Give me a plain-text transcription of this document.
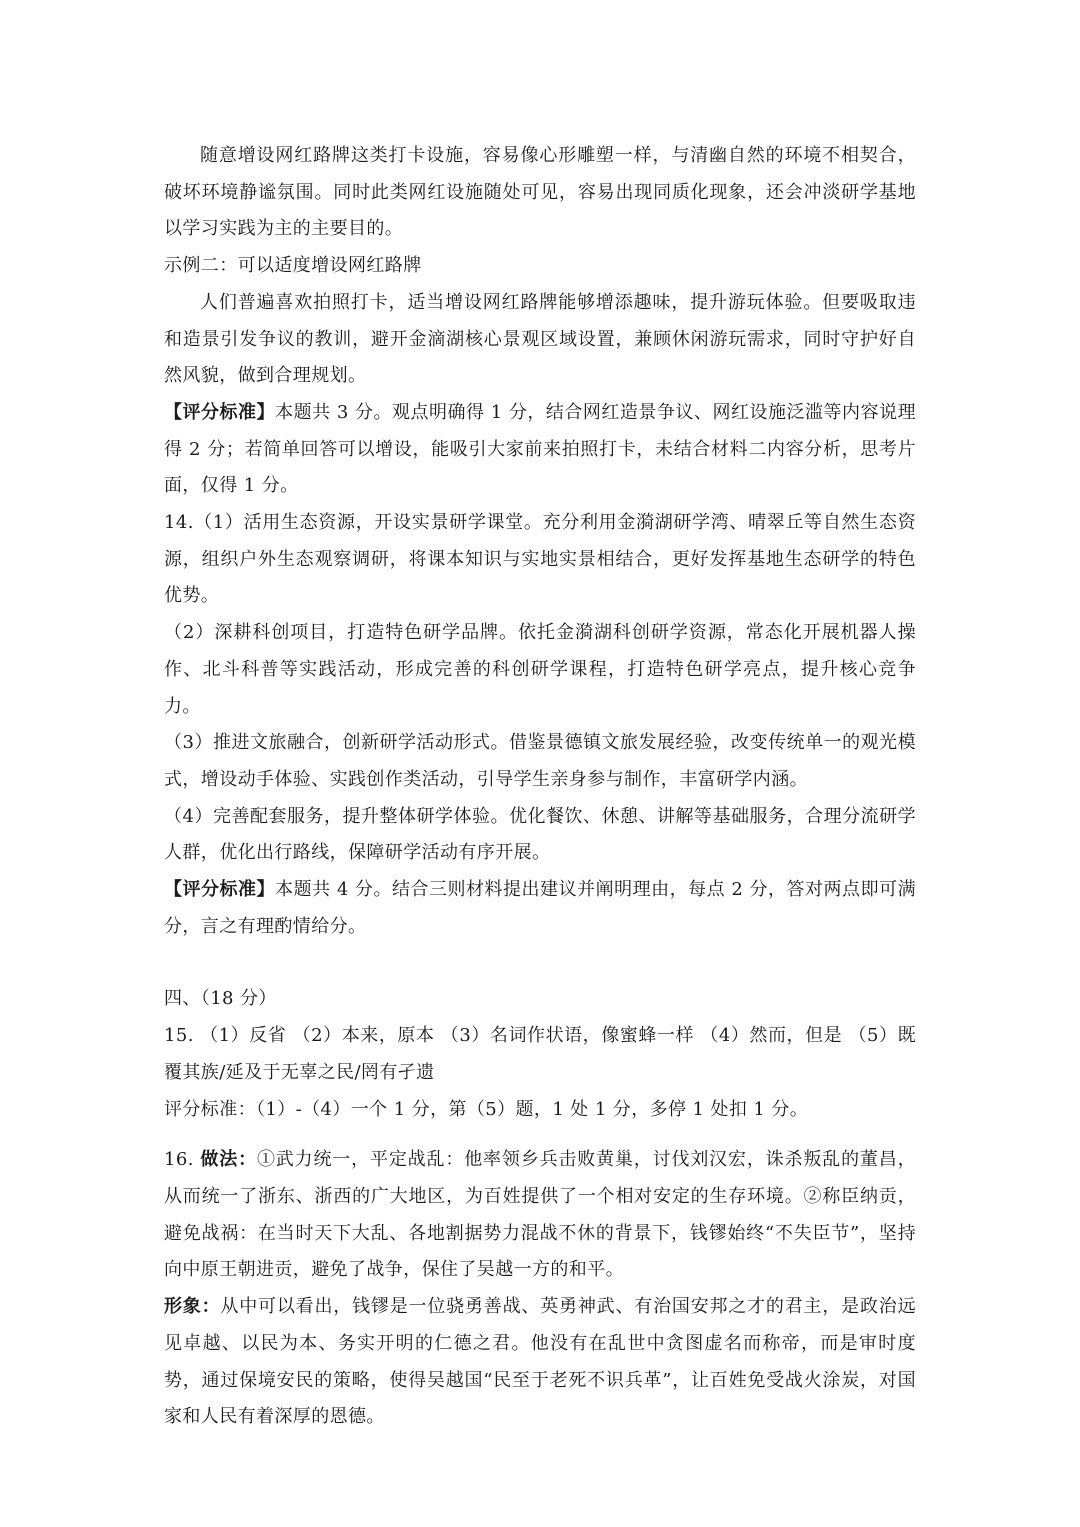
随意增设网红路牌这类打卡设施，容易像心形雕塑一样，与清幽自然的环境不相契合，破坏环境静谧氛围。同时此类网红设施随处可见，容易出现同质化现象，还会冲淡研学基地以学习实践为主的主要目的。

示例二：可以适度增设网红路牌

人们普遍喜欢拍照打卡，适当增设网红路牌能够增添趣味，提升游玩体验。但要吸取违和造景引发争议的教训，避开金滴湖核心景观区域设置，兼顾休闲游玩需求，同时守护好自然风貌，做到合理规划。

【评分标准】本题共 3 分。观点明确得 1 分，结合网红造景争议、网红设施泛滥等内容说理得 2 分；若简单回答可以增设，能吸引大家前来拍照打卡，未结合材料二内容分析，思考片面，仅得 1 分。

14.（1）活用生态资源，开设实景研学课堂。充分利用金漪湖研学湾、晴翠丘等自然生态资源，组织户外生态观察调研，将课本知识与实地实景相结合，更好发挥基地生态研学的特色优势。

（2）深耕科创项目，打造特色研学品牌。依托金漪湖科创研学资源，常态化开展机器人操作、北斗科普等实践活动，形成完善的科创研学课程，打造特色研学亮点，提升核心竞争力。

（3）推进文旅融合，创新研学活动形式。借鉴景德镇文旅发展经验，改变传统单一的观光模式，增设动手体验、实践创作类活动，引导学生亲身参与制作，丰富研学内涵。

（4）完善配套服务，提升整体研学体验。优化餐饮、休憩、讲解等基础服务，合理分流研学人群，优化出行路线，保障研学活动有序开展。

【评分标准】本题共 4 分。结合三则材料提出建议并阐明理由，每点 2 分，答对两点即可满分，言之有理酌情给分。

四、（18 分）

15. （1）反省 （2）本来，原本 （3）名词作状语，像蜜蜂一样 （4）然而，但是 （5）既覆其族/延及于无辜之民/罔有孑遗

评分标准：（1）-（4）一个 1 分，第（5）题，1 处 1 分，多停 1 处扣 1 分。

16. 做法：①武力统一，平定战乱：他率领乡兵击败黄巢，讨伐刘汉宏，诛杀叛乱的董昌，从而统一了浙东、浙西的广大地区，为百姓提供了一个相对安定的生存环境。②称臣纳贡，避免战祸：在当时天下大乱、各地割据势力混战不休的背景下，钱镠始终“不失臣节”，坚持向中原王朝进贡，避免了战争，保住了吴越一方的和平。

形象：从中可以看出，钱镠是一位骁勇善战、英勇神武、有治国安邦之才的君主，是政治远见卓越、以民为本、务实开明的仁德之君。他没有在乱世中贪图虚名而称帝，而是审时度势，通过保境安民的策略，使得吴越国“民至于老死不识兵革”，让百姓免受战火涂炭，对国家和人民有着深厚的恩德。
